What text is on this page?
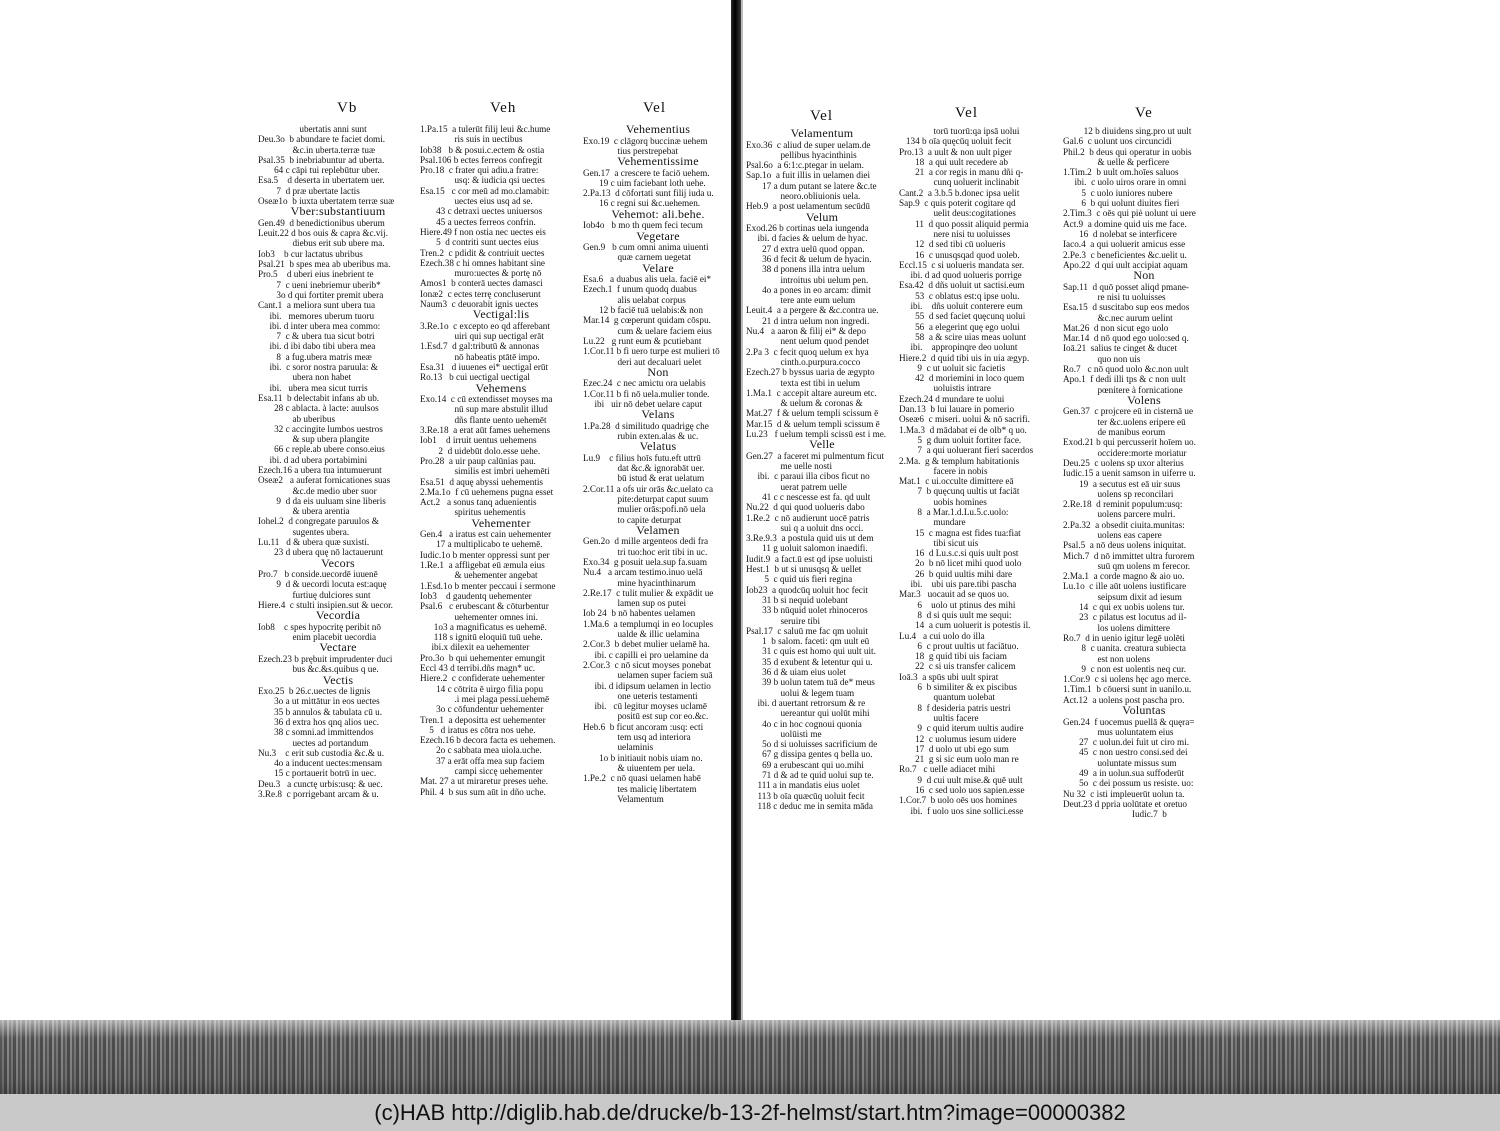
Vb	Veh	Vel	Vel	Vel	Ve
ubertatis anni sunt
Deu.3o  b abundare te faciet domi.
&c.in uberta.terræ tuæ
Psal.35  b inebriabuntur ad uberta.
64 c cāpi tui replebūtur uber.
Esa.5    d deserta in ubertatem uer.
7  d præ ubertate lactis
Oseæ1o  b iuxta ubertatem terræ suæ
Vber:substantiuum
Gen.49  d benedictionibus uberum
Leuit.22 d bos ouis & capra &c.vij.
diebus erit sub ubere ma.
Iob3    b cur lactatus ubribus
Psal.21  b spes mea ab uberibus ma.
Pro.5    d uberi eius inebrient te
7  c ueni inebriemur uberib*
3o d qui fortiter premit ubera
Cant.1  a meliora sunt ubera tua
ibi.   memores uberum tuoru
ibi. d inter ubera mea commo:
7  c & ubera tua sicut botri
ibi. d ibi dabo tibi ubera mea
8  a fug.ubera matris meæ
ibi.  c soror nostra paruula: &
ubera non habet
ibi.   ubera mea sicut turris
Esa.11  b delectabit infans ab ub.
28 c ablacta. à lacte: auulsos
ab uberibus
32 c accingite lumbos uestros
& sup ubera plangite
66 c reple.ab ubere conso.eius
ibi. d ad ubera portabimini
Ezech.16 a ubera tua intumuerunt
Oseæ2   a auferat fornicationes suas
&c.de medio uber suor
9  d da eis uuluam sine liberis
& ubera arentia
Iohel.2  d congregate paruulos &
sugentes ubera.
Lu.11   d & ubera quæ suxisti.
23 d ubera quę nō lactauerunt
Vecors
Pro.7   b conside.uecordē iuuenē
9  d & uecordi locuta est:aquę
furtiuę dulciores sunt
Hiere.4  c stulti insipien.sut & uecor.
Vecordia
Iob8    c spes hypocritę peribit nō
enim placebit uecordia
Vectare
Ezech.23 b prębuit imprudenter duci
bus &c.&s.quibus q ue.
Vectis
Exo.25  b 26.c.uectes de lignis
3o a ut mittātur in eos uectes
35 b annulos & tabulata cū u.
36 d extra hos qnq alios uec.
38 c somni.ad immittendos
uectes ad portandum
Nu.3    c erit sub custodia &c.& u.
4o a inducent uectes:mensam
15 c portauerit botrū in uec.
Deu.3   a cunctę urbis:usq: & uec.
3.Re.8  c porrigebant arcam & u.
1.Pa.15  a tulerūt filij leui &c.hume
ris suis in uectibus
Iob38   b & posui.c.ectem & ostia
Psal.106 b ectes ferreos confregit
Pro.18  c frater qui adiu.a fratre:
usq: & iudicia qsi uectes
Esa.15   c cor meū ad mo.clamabit:
uectes eius usq ad se.
43 c detraxi uectes uniuersos
45 a uectes ferreos confrin.
Hiere.49 f non ostia nec uectes eis
5  d contriti sunt uectes eius
Tren.2  c pdidit & contriuit uectes
Ezech.38 c hi omnes habitant sine
muro:uectes & portę nō
Amos1  b conterā uectes damasci
Ionæ2  c ectes terrę concluserunt
Naum3  c deuorabit ignis uectes
Vectigal:lis
3.Re.1o  c excepto eo qd afferebant
uiri qui sup uectigal erāt
1.Esd.7  d gal:tributū & annonas
nō habeatis ptātē impo.
Esa.31   d iuuenes ei* uectigal erūt
Ro.13   b cui uectigal uectigal
Vehemens
Exo.14  c cū extendisset moyses ma
nū sup mare abstulit illud
dñs flante uento uehemēt
3.Re.18  a erat aūt fames uehemens
Iob1    d irruit uentus uehemens
2  d uidebūt dolo.esse uehe.
Pro.28  a uir paup calūnias pau.
similis est imbri uehemēti
Esa.51  d aquę abyssi uehementis
2.Ma.1o  f cū uehemens pugna esset
Act.2   a sonus tanq aduenientis
spiritus uehementis
Vehementer
Gen.4   a iratus est cain uehementer
17 a multiplicabo te uehemē.
Iudic.1o b menter oppressi sunt per
1.Re.1  a affligebat eū æmula eius
& uehementer angebat
1.Esd.1o b menter peccaui i sermone
Iob3    d gaudentq uehementer
Psal.6   c erubescant & cōturbentur
uehementer omnes ini.
1o3 a magnificatus es uehemē.
118 s ignitū eloquiū tuū uehe.
ibi.x dilexit ea uehementer
Pro.3o  b qui uehementer emungit
Eccl 43 d terribi.dñs magn* uc.
Hiere.2  c confiderate uehementer
14 c cōtrita ē uirgo filia popu
.i mei plaga pessi.uehemē
3o c cōfundentur uehementer
Tren.1  a depositta est uehementer
5   d iratus es cōtra nos uehe.
Ezech.16 b decora facta es uehemen.
2o c sabbata mea uiola.uche.
37 a erāt offa mea sup faciem
campi siccę uehementer
Mat. 27 a ut miraretur preses uehe.
Phil. 4  b sus sum aūt in dño uche.
Vehementius
Exo.19  c clāgorq buccinæ uehem
tius perstrepebat
Vehementissime
Gen.17  a crescere te faciō uehem.
19 c uim faciebant loth uehe.
2.Pa.13  d cōfortati sunt filij iuda u.
16 c regni sui &c.uehemen.
Vehemot: ali.behe.
Iob4o   b mo th quem feci tecum
Vegetare
Gen.9   b cum omni anima uiuenti
quæ carnem uegetat
Velare
Esa.6   a duabus alis uela. faciē ei*
Ezech.1  f unum quodq duabus
alis uelabat corpus
12 b faciē tuā uelabis:& non
Mar.14  g cœperunt quidam cōspu.
cum & uelare faciem eius
Lu.22   g runt eum & pcutiebant
1.Cor.11 b fi uero turpe est mulieri tō
deri aut decaluari uelet
Non
Ezec.24  c nec amictu ora uelabis
1.Cor.11 b fi nō uela.mulier tonde.
ibi   uir nō debet uelare caput
Velans
1.Pa.28  d similitudo quadrigę che
rubin exten.alas & uc.
Velatus
Lu.9    c filius hoīs futu.eft uttrū
dat &c.& ignorabāt uer.
bū istud & erat uelatum
2.Cor.11 a ofs uir orās &c.uelato ca
pite:deturpat caput suum
mulier orās:pofi.nō uela
to capite deturpat
Velamen
Gen.2o  d mille argenteos dedi fra
tri tuo:hoc erit tibi in uc.
Exo.34  g posuit uela.sup fa.suam
Nu.4   a arcam testimo.inuo uelā
mine hyacinthinarum
2.Re.17  c tulit mulier & expādit ue
lamen sup os putei
Iob 24  b nō habentes uelamen
1.Ma.6  a templumqi in eo locuples
ualde & illic uelamina
2.Cor.3  b debet mulier uelamē ha.
ibi. c capilli ei pro uelamine da
2.Cor.3  c nō sicut moyses ponebat
uelamen super faciem suā
ibi. d idipsum uelamen in lectio
one ueteris testamenti
ibi.   cū legitur moyses uclamē
positū est sup cor eo.&c.
Heb.6  b ficut ancoram :usq: ecti
tem usq ad interiora
uelaminis
1o b initiauit nobis uiam no.
& uiuentem per uela.
1.Pe.2  c nō quasi uelamen habē
tes malicię libertatem
Velamentum
Velamentum
Exo.36  c aliud de super uelam.de
pellibus hyacinthinis
Psal.6o  a 6:1:c.ptegar in uelam.
Sap.1o  a fuit illis in uelamen diei
17 a dum putant se latere &c.te
neoro.obliuionis uela.
Heb.9  a post uelamentum secūdū
Velum
Exod.26 b cortinas uela iungenda
ibi. d facies & uelum de hyac.
27 d extra uelū quod oppan.
36 d fecit & uelum de hyacin.
38 d ponens illa intra uelum
introitus ubi uelum pen.
4o a pones in eo arcam: dimit
tere ante eum uelum
Leuit.4  a a pergere & &c.contra ue.
21 d intra uelum non ingredi.
Nu.4   a aaron & filij ei* & depo
nent uelum quod pendet
2.Pa 3  c fecit quoq uelum ex hya
cinth.o.purpura.cocco
Ezech.27 b byssus uaria de ægypto
texta est tibi in uelum
1.Ma.1  c accepit altare aureum etc.
& uelum & coronas &
Mat.27  f & uelum templi scissum ē
Mar.15  d & uelum templi scissum ē
Lu.23   f uelum templi scissū est i me.
Velle
Gen.27  a faceret mi pulmentum ficut
me uelle nosti
ibi.  c paraui illa cibos ficut no
uerat patrem uelle
41 c c nescesse est fa. qd uult
Nu.22  d qui quod uolueris dabo
1.Re.2  c nō audierunt uocē patris
sui q a uoluit dns occi.
3.Re.9.3  a postula quid uis ut dem
11 g uoluit salomon inaedifi.
Iudit.9  a fact.ū est qd ipse uoluisti
Hest.1  b ut si unusqsq & uellet
5  c quid uis fieri regina
Iob23  a quodcūq uoluit hoc fecit
31 b si nequid uolebant
33 b nūquid uolet rhinoceros
seruire tibi
Psal.17  c saluū me fac qm uoluit
1  b salom. faceti: qm uult eū
31 c quis est homo qui uult uit.
35 d exubent & letentur qui u.
36 d & uiam eius uolet
39 b uolun tatem tuā de* meus
uolui & legem tuam
ibi. d auertant retrorsum & re
uereantur qui uolūt mihi
4o c in hoc cognoui quonia
uolūisti me
5o d si uoluisses sacrificium de
67 g dissipa gentes q bella uo.
69 a erubescant qui uo.mihi
71 d & ad te quid uolui sup te.
111 a in mandatis eius uolet
113 b oīa quæcūq uoluit fecit
118 c deduc me in semita māda
torū tuorū:qa ipsā uolui
134 b oīa quęcūq uoluit fecit
Pro.13  a uult & non uult piger
18  a qui uult recedere ab
21  a cor regis in manu dñi q-
cunq uoluerit inclinabit
Cant.2  a 3.b.5 b.donec ipsa uelit
Sap.9  c quis poterit cogitare qd
uelit deus:cogitationes
11  d quo possit aliquid permia
nere nisi tu uoluisses
12  d sed tibi cū uolueris
16  c unusqsqad quod uoleb.
Eccl.15  c si uolueris mandata ser.
ibi. d ad quod uolueris porrige
Esa.42  d dñs uoluit ut sactisi.eum
53  c oblatus est:q ipse uolu.
ibi.    dñs uoluit conterere eum
55  d sed faciet quęcunq uolui
56  a elegerint quę ego uolui
58  a & scire uias meas uolunt
ibi.    appropinqre deo uolunt
Hiere.2  d quid tibi uis in uia ægyp.
9  c ut uoluit sic facietis
42  d moriemini in loco quem
uoluistis intrare
Ezech.24 d mundare te uolui
Dan.13  b lui lauare in pomerio
Oseæ6  c miseri. uolui & nō sacrifi.
1.Ma.3  d mādabat ei de olb* q uo.
5  g dum uoluit fortiter face.
7  a qui uoluerant fieri sacerdos
2.Ma.  g & templum habitationis
facere in nobis
Mat.1  c ui.occulte dimittere eā
7  b quęcunq uultis ut faciāt
uobis homines
8  a Mar.1.d.Lu.5.c.uolo:
mundare
15  c magna est fides tua:fiat
tibi sicut uis
16  d Lu.s.c.si quis uult post
2o  b nō licet mihi quod uolo
26  b quid uultis mihi dare
ibi.    ubi uis pare.tibi pascha
Mar.3   uocauit ad se quos uo.
6    uolo ut ptinus des mihi
8  d si quis uult me sequi:
14  a cum uoluerit is potestis il.
Lu.4   a cui uolo do illa
6  c prout uultis ut faciātuo.
18  g quid tibi uis faciam
22  c si uis transfer calicem
Ioā.3  a spūs ubi uult spirat
6  b similiter & ex piscibus
quantum uolebat
8  f desideria patris uestri
uultis facere
9  c quid iterum uultis audire
12  c uolumus iesum uidere
17  d uolo ut ubi ego sum
21  g si sic eum uolo man re
Ro.7   c uelle adiacet mihi
9  d cui uult mise.& quē uult
16  c sed uolo uos sapien.esse
1.Cor.7  b uolo oēs uos homines
ibi.  f uolo uos sine sollici.esse
12 b diuidens sing.pro ut uult
Gal.6  c uolunt uos circuncidi
Phil.2  b deus qui operatur in uobis
& uelle & perficere
1.Tim.2  b uult om.hoīes saluos
ibi.  c uolo uiros orare in omni
5  c uolo iuniores nubere
6  b qui uolunt diuites fieri
2.Tim.3  c oēs qui piè uolunt ui uere
Act.9  a domine quid uis me face.
16  d nolebat se interficere
Iaco.4  a qui uoluerit amicus esse
2.Pe.3  c beneficientes &c.uelit u.
Apo.22  d qui uult accipiat aquam
Non
Sap.11  d quō posset aliqd pmane-
re nisi tu uoluisses
Esa.15  d suscitabo sup eos medos
&c.nec aurum uelint
Mat.26  d non sicut ego uolo
Mar.14  d nō quod ego uolo:sed q.
Ioā.21  salius te cinget & ducet
quo non uis
Ro.7   c nō quod uolo &c.non uult
Apo.1  f dedi illi tps & c non uult
pœnitere à fornicatione
Volens
Gen.37  c projcere eū in cisternā ue
ter &c.uolens eripere eū
de manibus eorum
Exod.21 b qui percusserit hoīem uo.
occidere:morte moriatur
Deu.25  c uolens sp uxor alterius
Iudic.15 a uenit samson in uiferre u.
19  a secutus est eā uir suus
uolens sp reconcilari
2.Re.18  d reminit populum:usq:
uolens parcere mulri.
2.Pa.32  a obsedit ciuita.munitas:
uolens eas capere
Psal.5  a nō deus uolens iniquitat.
Mich.7  d nō immittet ultra furorem
suū qm uolens m ferecor.
2.Ma.1  a corde magno & aio uo.
Lu.1o  c ille aūt uolens iustificare
seipsum dixit ad iesum
14  c qui ex uobis uolens tur.
23  c pilatus est locutus ad il-
los uolens dimittere
Ro.7  d in uenio igitur legē uolēti
8  c uanita. creatura subiecta
est non uolens
9  c non est uolentis neq cur.
1.Cor.9  c si uolens hęc ago merce.
1.Tim.1  b cōuersi sunt in uanilo.u.
Act.12  a uolens post pascha pro.
Voluntas
Gen.24  f uocemus puellā & quęra=
mus uoluntatem eius
27  c uolun.dei fuit ut ciro mi.
45  c non uestro consi.sed dei
uoluntate missus sum
49  a in uolun.sua suffoderūt
5o  c dei possum us resiste. uo:
Nu 32  c isti impleuerūt uolun ta.
Deut.23 d ppria uolūtate et oretuo
Iudic.7  b
(c)HAB http://diglib.hab.de/drucke/b-13-2f-helmst/start.htm?image=00000382
